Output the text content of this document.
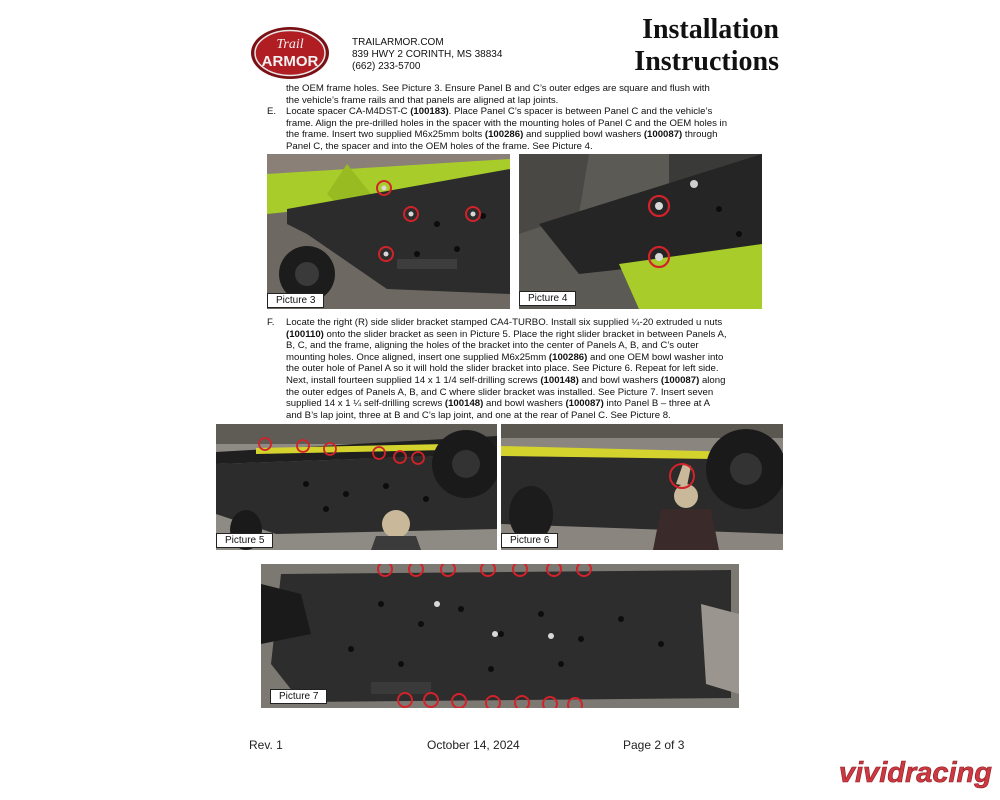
Trail
ARMOR
TRAILARMOR.COM
839 HWY 2 CORINTH, MS 38834
(662) 233-5700
Installation
Instructions
the OEM frame holes. See Picture 3. Ensure Panel B and C’s outer edges are square and flush with
the vehicle’s frame rails and that panels are aligned at lap joints.
E. Locate spacer CA-M4DST-C (100183). Place Panel C’s spacer is between Panel C and the vehicle’s
frame. Align the pre-drilled holes in the spacer with the mounting holes of Panel C and the OEM holes in
the frame. Insert two supplied M6x25mm bolts (100286) and supplied bowl washers (100087) through
Panel C, the spacer and into the OEM holes of the frame. See Picture 4.
Picture 3	Picture 4
F. Locate the right (R) side slider bracket stamped CA4-TURBO. Install six supplied ¼-20 extruded u nuts
(100110) onto the slider bracket as seen in Picture 5. Place the right slider bracket in between Panels A,
B, C, and the frame, aligning the holes of the bracket into the center of Panels A, B, and C’s outer
mounting holes. Once aligned, insert one supplied M6x25mm (100286) and one OEM bowl washer into
the outer hole of Panel A so it will hold the slider bracket into place. See Picture 6. Repeat for left side.
Next, install fourteen supplied 14 x 1 1/4 self-drilling screws (100148) and bowl washers (100087) along
the outer edges of Panels A, B, and C where slider bracket was installed. See Picture 7. Insert seven
supplied 14 x 1 ¼ self-drilling screws (100148) and bowl washers (100087) into Panel B – three at A
and B’s lap joint, three at B and C’s lap joint, and one at the rear of Panel C. See Picture 8.
Picture 5	Picture 6
Picture 7
Rev. 1	October 14, 2024	Page 2 of 3
vividracing
